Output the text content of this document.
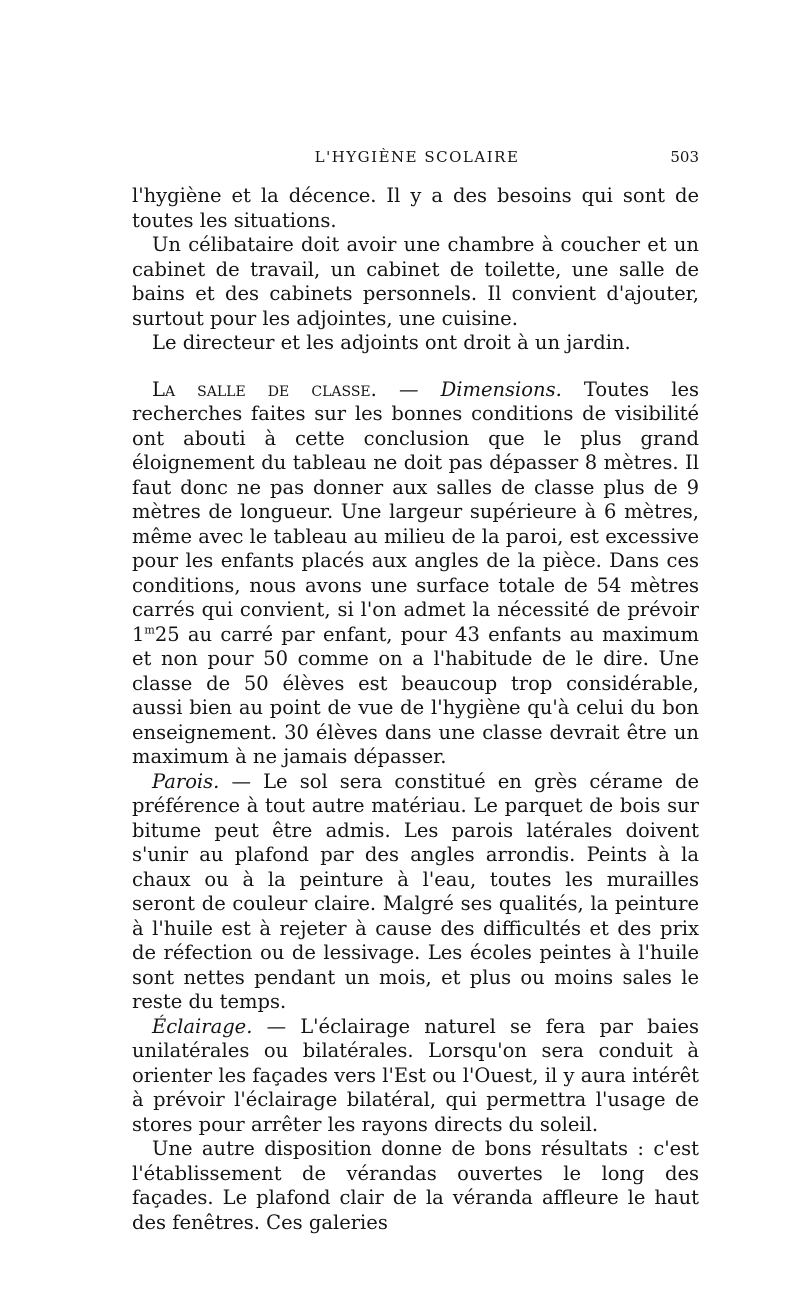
L'HYGIÈNE SCOLAIRE	503

l'hygiène et la décence. Il y a des besoins qui sont de toutes les situations.

Un célibataire doit avoir une chambre à coucher et un cabinet de travail, un cabinet de toilette, une salle de bains et des cabinets personnels. Il convient d'ajouter, surtout pour les adjointes, une cuisine.

Le directeur et les adjoints ont droit à un jardin.

La salle de classe. — Dimensions. Toutes les recherches faites sur les bonnes conditions de visibilité ont abouti à cette conclusion que le plus grand éloignement du tableau ne doit pas dépasser 8 mètres. Il faut donc ne pas donner aux salles de classe plus de 9 mètres de longueur. Une largeur supérieure à 6 mètres, même avec le tableau au milieu de la paroi, est excessive pour les enfants placés aux angles de la pièce. Dans ces conditions, nous avons une surface totale de 54 mètres carrés qui convient, si l'on admet la nécessité de prévoir 1$^m$25 au carré par enfant, pour 43 enfants au maximum et non pour 50 comme on a l'habitude de le dire. Une classe de 50 élèves est beaucoup trop considérable, aussi bien au point de vue de l'hygiène qu'à celui du bon enseignement. 30 élèves dans une classe devrait être un maximum à ne jamais dépasser.

Parois. — Le sol sera constitué en grès cérame de préférence à tout autre matériau. Le parquet de bois sur bitume peut être admis. Les parois latérales doivent s'unir au plafond par des angles arrondis. Peints à la chaux ou à la peinture à l'eau, toutes les murailles seront de couleur claire. Malgré ses qualités, la peinture à l'huile est à rejeter à cause des difficultés et des prix de réfection ou de lessivage. Les écoles peintes à l'huile sont nettes pendant un mois, et plus ou moins sales le reste du temps.

Éclairage. — L'éclairage naturel se fera par baies unilatérales ou bilatérales. Lorsqu'on sera conduit à orienter les façades vers l'Est ou l'Ouest, il y aura intérêt à prévoir l'éclairage bilatéral, qui permettra l'usage de stores pour arrêter les rayons directs du soleil.

Une autre disposition donne de bons résultats : c'est l'établissement de vérandas ouvertes le long des façades. Le plafond clair de la véranda affleure le haut des fenêtres. Ces galeries
